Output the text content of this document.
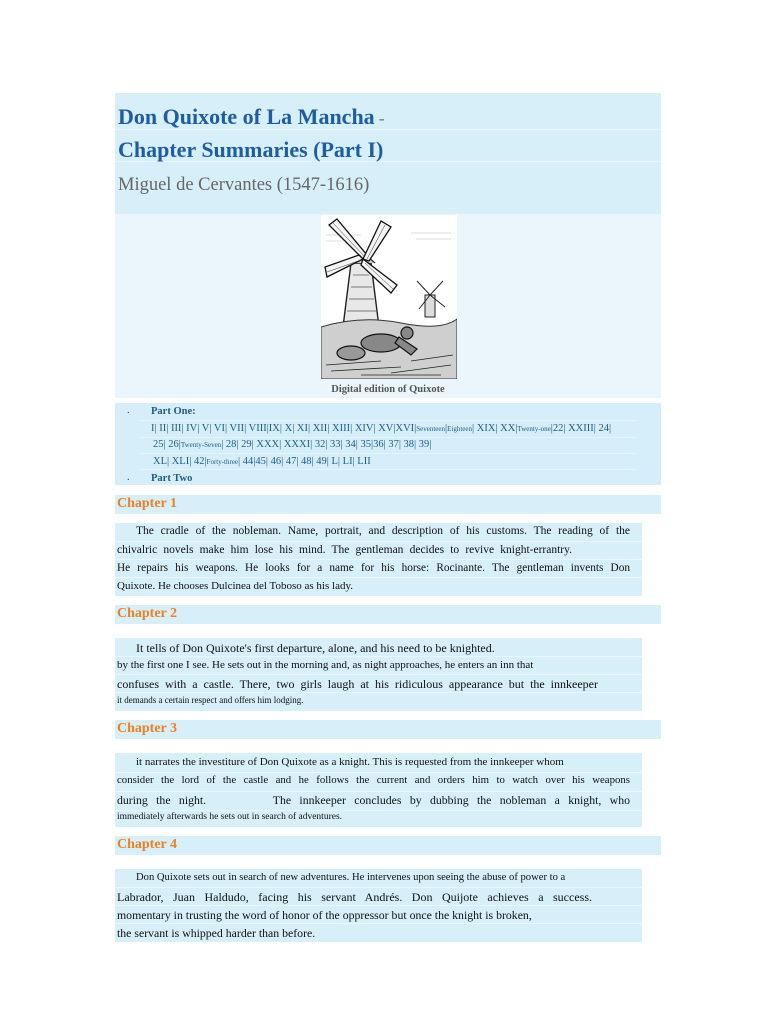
Don Quixote of La Mancha -
Chapter Summaries (Part I)
Miguel de Cervantes (1547-1616)
Digital edition of Quixote
. Part One:
I| II| III| IV| V| VI| VII| VIII|IX| X| XI| XII| XIII| XIV| XV|XVI|Seventeen|Eighteen| XIX| XX|Twenty-one|22| XXIII| 24|
25| 26|Twenty-Seven| 28| 29| XXX| XXXI| 32| 33| 34| 35|36| 37| 38| 39|
XL| XLI| 42|Forty-three| 44|45| 46| 47| 48| 49| L| LI| LII
. Part Two
Chapter 1
The cradle of the nobleman. Name, portrait, and description of his customs. The reading of the
chivalric novels make him lose his mind. The gentleman decides to revive knight-errantry.
He repairs his weapons. He looks for a name for his horse: Rocinante. The gentleman invents Don
Quixote. He chooses Dulcinea del Toboso as his lady.
Chapter 2
It tells of Don Quixote's first departure, alone, and his need to be knighted.
by the first one I see. He sets out in the morning and, as night approaches, he enters an inn that
confuses with a castle. There, two girls laugh at his ridiculous appearance but the innkeeper
it demands a certain respect and offers him lodging.
Chapter 3
it narrates the investiture of Don Quixote as a knight. This is requested from the innkeeper whom
consider the lord of the castle and he follows the current and orders him to watch over his weapons
during the night.        The innkeeper concludes by dubbing the nobleman a knight, who
immediately afterwards he sets out in search of adventures.
Chapter 4
Don Quixote sets out in search of new adventures. He intervenes upon seeing the abuse of power to a
Labrador, Juan Haldudo, facing his servant Andrés. Don Quijote achieves a success.
momentary in trusting the word of honor of the oppressor but once the knight is broken,
the servant is whipped harder than before.
